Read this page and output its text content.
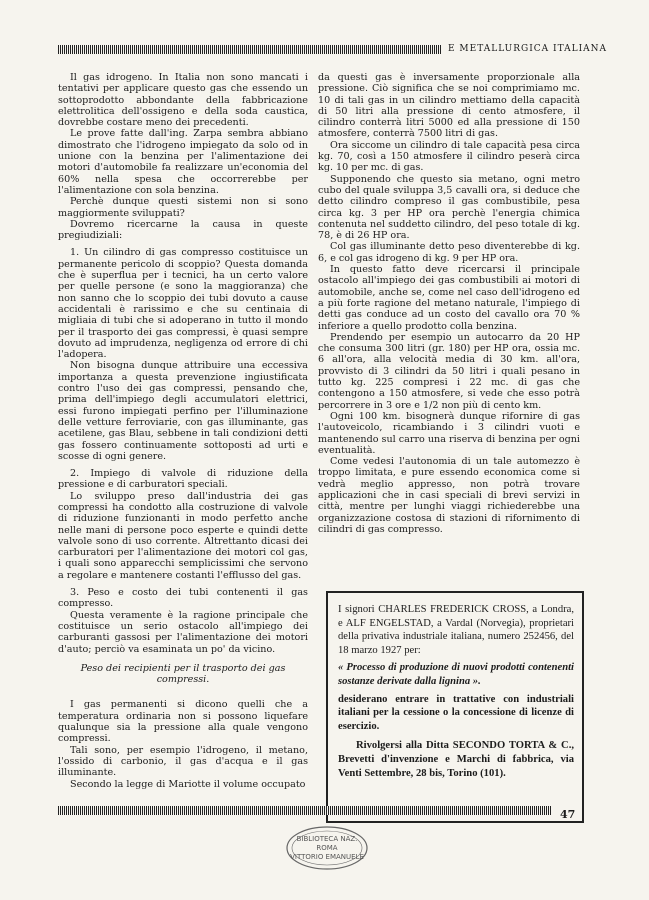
E METALLURGICA ITALIANA

Il gas idrogeno. In Italia non sono mancati i tentativi per applicare questo gas che essendo un sottoprodotto abbondante della fabbricazione elettrolitica dell'ossigeno e della soda caustica, dovrebbe costare meno dei precedenti.

Le prove fatte dall'ing. Zarpa sembra abbiano dimostrato che l'idrogeno impiegato da solo od in unione con la benzina per l'alimentazione dei motori d'automobile fa realizzare un'economia del 60% nella spesa che occorrerebbe per l'alimentazione con sola benzina.

Perchè dunque questi sistemi non si sono maggiormente sviluppati?

Dovremo ricercarne la causa in queste pregiudiziali:

1. Un cilindro di gas compresso costituisce un permanente pericolo di scoppio? Questa domanda che è superflua per i tecnici, ha un certo valore per quelle persone (e sono la maggioranza) che non sanno che lo scoppio dei tubi dovuto a cause accidentali è rarissimo e che su centinaia di migliaia di tubi che si adoperano in tutto il mondo per il trasporto dei gas compressi, è quasi sempre dovuto ad imprudenza, negligenza od errore di chi l'adopera.

Non bisogna dunque attribuire una eccessiva importanza a questa prevenzione ingiustificata contro l'uso dei gas compressi, pensando che, prima dell'impiego degli accumulatori elettrici, essi furono impiegati perfino per l'illuminazione delle vetture ferroviarie, con gas illuminante, gas acetilene, gas Blau, sebbene in tali condizioni detti gas fossero continuamente sottoposti ad urti e scosse di ogni genere.

2. Impiego di valvole di riduzione della pressione e di carburatori speciali.

Lo sviluppo preso dall'industria dei gas compressi ha condotto alla costruzione di valvole di riduzione funzionanti in modo perfetto anche nelle mani di persone poco esperte e quindi dette valvole sono di uso corrente. Altrettanto dicasi dei carburatori per l'alimentazione dei motori col gas, i quali sono apparecchi semplicissimi che servono a regolare e mantenere costanti l'efflusso del gas.

3. Peso e costo dei tubi contenenti il gas compresso.

Questa veramente è la ragione principale che costituisce un serio ostacolo all'impiego dei carburanti gassosi per l'alimentazione dei motori d'auto; perciò va esaminata un po' da vicino.

Peso dei recipienti per il trasporto dei gas compressi.

I gas permanenti si dicono quelli che a temperatura ordinaria non si possono liquefare qualunque sia la pressione alla quale vengono compressi.

Tali sono, per esempio l'idrogeno, il metano, l'ossido di carbonio, il gas d'acqua e il gas illuminante.

Secondo la legge di Mariotte il volume occupato

da questi gas è inversamente proporzionale alla pressione. Ciò significa che se noi comprimiamo mc. 10 di tali gas in un cilindro mettiamo della capacità di 50 litri alla pressione di cento atmosfere, il cilindro conterrà litri 5000 ed alla pressione di 150 atmosfere, conterrà 7500 litri di gas.

Ora siccome un cilindro di tale capacità pesa circa kg. 70, così a 150 atmosfere il cilindro peserà circa kg. 10 per mc. di gas.

Supponendo che questo sia metano, ogni metro cubo del quale sviluppa 3,5 cavalli ora, si deduce che detto cilindro compreso il gas combustibile, pesa circa kg. 3 per HP ora perchè l'energia chimica contenuta nel suddetto cilindro, del peso totale di kg. 78, è di 26 HP ora.

Col gas illuminante detto peso diventerebbe di kg. 6, e col gas idrogeno di kg. 9 per HP ora.

In questo fatto deve ricercarsi il principale ostacolo all'impiego dei gas combustibili ai motori di automobile, anche se, come nel caso dell'idrogeno ed a più forte ragione del metano naturale, l'impiego di detti gas conduce ad un costo del cavallo ora 70 % inferiore a quello prodotto colla benzina.

Prendendo per esempio un autocarro da 20 HP che consuma 300 litri (gr. 180) per HP ora, ossia mc. 6 all'ora, alla velocità media di 30 km. all'ora, provvisto di 3 cilindri da 50 litri i quali pesano in tutto kg. 225 compresi i 22 mc. di gas che contengono a 150 atmosfere, si vede che esso potrà percorrere in 3 ore e 1/2 non più di cento km.

Ogni 100 km. bisognerà dunque rifornire di gas l'autoveicolo, ricambiando i 3 cilindri vuoti e mantenendo sul carro una riserva di benzina per ogni eventualità.

Come vedesi l'autonomia di un tale automezzo è troppo limitata, e pure essendo economica come si vedrà meglio appresso, non potrà trovare applicazioni che in casi speciali di brevi servizi in città, mentre per lunghi viaggi richiederebbe una organizzazione costosa di stazioni di rifornimento di cilindri di gas compresso.

I signori CHARLES FREDERICK CROSS, a Londra, e ALF ENGELSTAD, a Vardal (Norvegia), proprietari della privativa industriale italiana, numero 252456, del 18 marzo 1927 per:

« Processo di produzione di nuovi prodotti contenenti sostanze derivate dalla lignina ».

desiderano entrare in trattative con industriali italiani per la cessione o la concessione di licenze di esercizio.

Rivolgersi alla Ditta SECONDO TORTA & C., Brevetti d'invenzione e Marchi di fabbrica, via Venti Settembre, 28 bis, Torino (101).

47
BIBLIOTECA NAZ.
ROMA
VITTORIO EMANUELE
